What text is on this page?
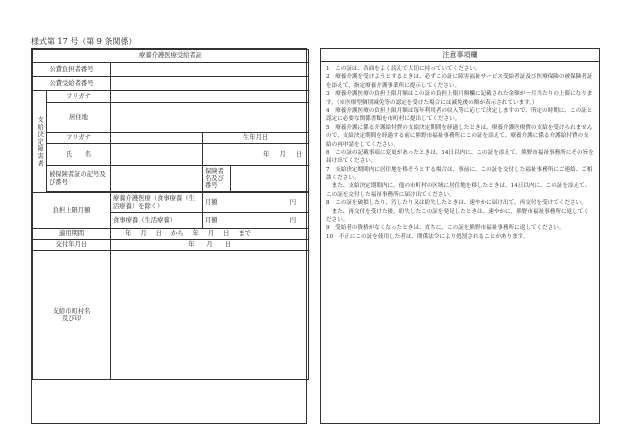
様式第 17 号（第 9 条関係）
療養介護医療受給者証				
公費負担者番号				

公費受給者番号				

支給決定障害者	フリガナ			
	居住地			
	フリガナ		生年月日	
	氏　　名		年 月 日	
	被保険者証の記号及び番号		保険者名及び番号	

負担上限月額		療養介護医療（食事療養（生活療養）を除く）	月額 円	

		食事療養（生活療養）	月額 円	

適用期間		年 月 日 から 年 月 日 まで		
交付年月日		年 月 日		

支給市町村名及び印				

注意事項欄

1　この証は、各面をよく読んで大切に持っていてください。

2　療養介護を受けようとするときは、必ずこの証に障害福祉サービス受給者証及び医療保険の被保険者証を添えて、指定療養介護事業所に提示してください。

3　療養介護医療の負担上限月額はこの証の負担上限月額欄に記載された金額が一月当たりの上限になります。（※医療型個別減免等の認定を受けた場合には減免後の額が表示されています。）

4　療養介護医療の負担上限月額は毎年利用者の収入等に応じて決定しますので、所定の時期に、この証と認定に必要な関係書類を市町村に提出してください。

5　療養介護に係る介護給付費の支給決定期間を経過したときは、療養介護医療費の支給を受けられませんので、支給決定期間を経過する前に熊野市福祉事務所にこの証を添えて、療養介護に係る介護給付費の支給の再申請をしてください。

6　この証の記載事項に変更があったときは、14日以内に、この証を添えて、熊野市福祉事務所にその旨を届け出てください。

7　支給決定期間内に居住地を移そうとする場合は、事前に、この証を交付した福祉事務所にご連絡、ご相談ください。

　また、支給決定期間内に、他の市町村の区域に居住地を移したときは、14日以内に、この証を添えて、この証を交付した福祉事務所に届け出てください。

8　この証を破損したり、汚したり又は紛失したときは、速やかに届け出て、再交付を受けてください。

　また、再交付を受けた後、紛失したこの証を発見したときは、速やかに、熊野市福祉事務所に返してください。

9　受給者の資格がなくなったときは、直ちに、この証を熊野市福祉事務所に返してください。

10　不正にこの証を使用した者は、関係法令により処罰されることがあります。
